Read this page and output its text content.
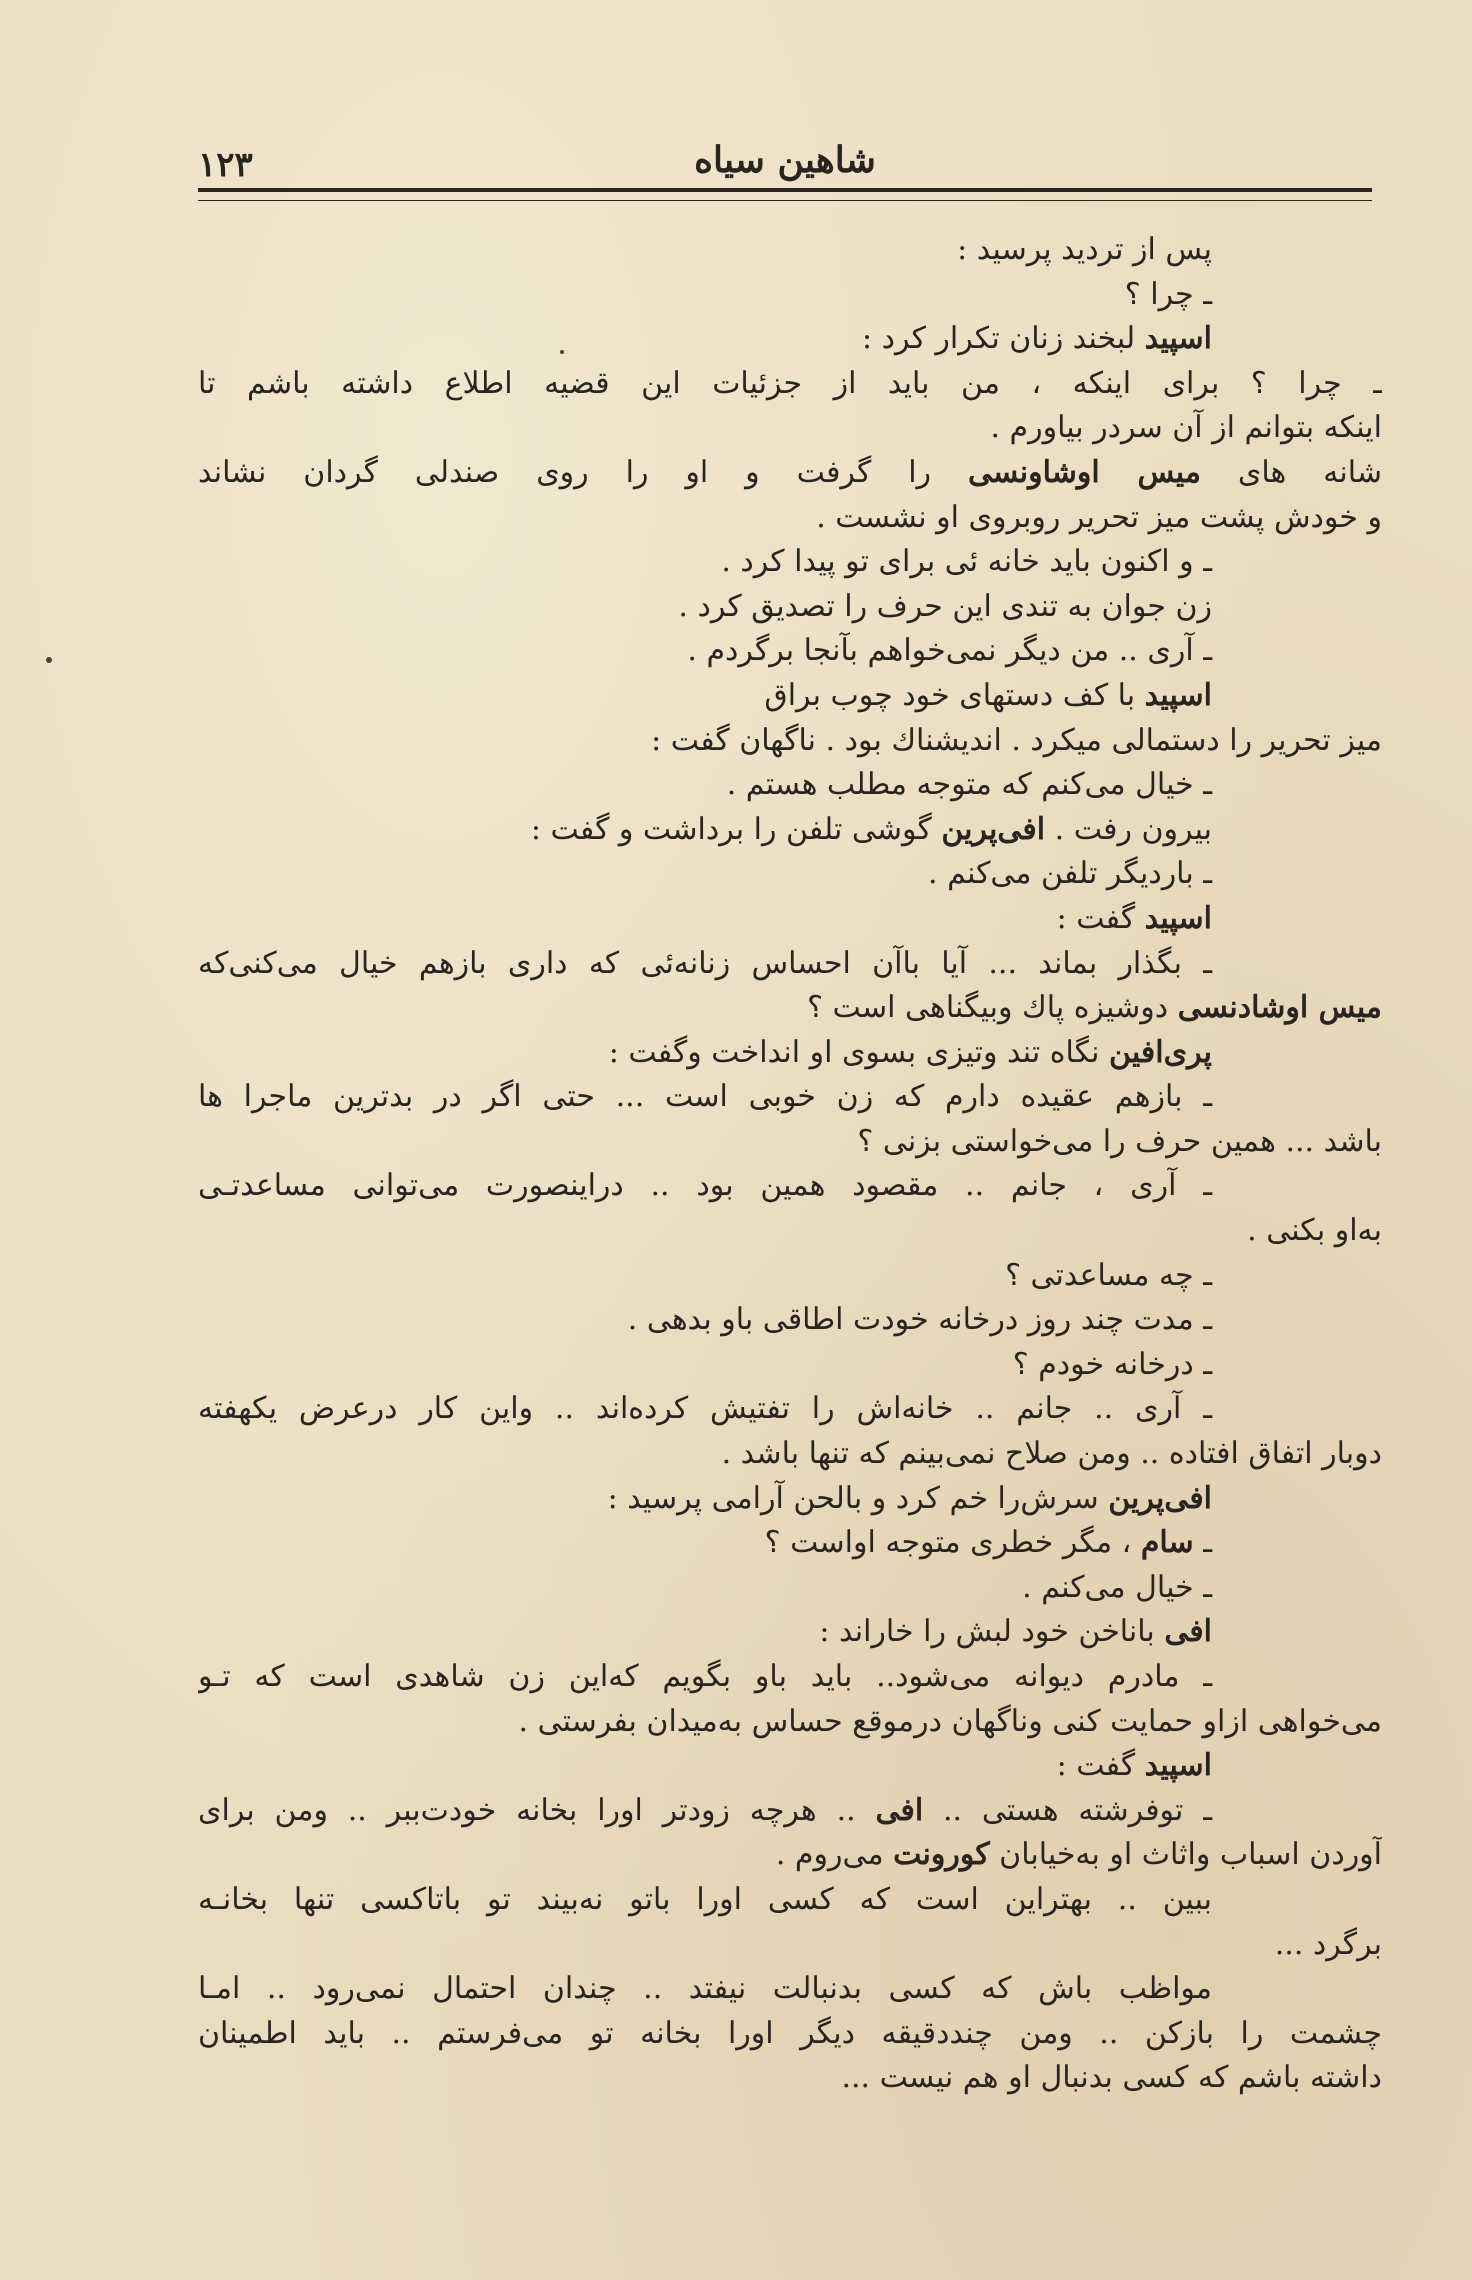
١٢٣	شاهین سیاه
پس از تردید پرسید :
ـ چرا ؟
اسپید لبخند زنان تکرار کرد :
ـ چرا ؟ برای اینکه ، من باید از جزئیات این قضیه اطلاع داشته باشم تا
اینکه بتوانم از آن سردر بیاورم .
شانه های میس اوشاونسی را گرفت و او را روی صندلی گردان نشاند
و خودش پشت میز تحریر روبروی او نشست .
ـ و اکنون باید خانه ئی برای تو پیدا کرد .
زن جوان به تندی این حرف را تصدیق کرد .
ـ آری .. من دیگر نمی‌خواهم بآنجا برگردم .
اسپید با کف دستهای خود چوب براق
میز تحریر را دستمالی میکرد . اندیشناك بود . ناگهان گفت :
ـ خیال می‌کنم که متوجه مطلب هستم .
بیرون رفت . افی‌پرین گوشی تلفن را برداشت و گفت :
ـ باردیگر تلفن می‌کنم .
اسپید گفت :
ـ بگذار بماند ... آیا باآن احساس زنانه‌ئی که داری بازهم خیال می‌کنی‌که
میس اوشادنسی دوشیزه پاك وبیگناهی است ؟
پری‌افین نگاه تند وتیزی بسوی او انداخت وگفت :
ـ بازهم عقیده دارم که زن خوبی است ... حتی اگر در بدترین ماجرا ها
باشد ... همین حرف را می‌خواستی بزنی ؟
ـ آری ، جانم .. مقصود همین بود .. دراینصورت می‌توانی مساعدتـی
به‌او بکنی .
ـ چه مساعدتی ؟
ـ مدت چند روز درخانه خودت اطاقی باو بدهی .
ـ درخانه خودم ؟
ـ آری .. جانم .. خانه‌اش را تفتیش کرده‌اند .. واین کار درعرض یکهفته
دوبار اتفاق افتاده .. ومن صلاح نمی‌بینم که تنها باشد .
افی‌پرین سرش‌را خم کرد و بالحن آرامی پرسید :
ـ سام ، مگر خطری متوجه اواست ؟
ـ خیال می‌کنم .
افی باناخن خود لبش را خاراند :
ـ مادرم دیوانه می‌شود.. باید باو بگویم که‌این زن شاهدی است که تـو
می‌خواهی ازاو حمایت کنی وناگهان درموقع حساس به‌میدان بفرستی .
اسپید گفت :
ـ توفرشته هستی .. افی .. هرچه زودتر اورا بخانه خودت‌ببر .. ومن برای
آوردن اسباب واثاث او به‌خیابان کورونت می‌روم .
ببین .. بهتراین است که کسی اورا باتو نه‌بیند تو باتاکسی تنها بخانـه
برگرد ...
مواظب باش که کسی بدنبالت نیفتد .. چندان احتمال نمی‌رود .. امـا
چشمت را بازکن .. ومن چنددقیقه دیگر اورا بخانه تو می‌فرستم .. باید اطمینان
داشته باشم که کسی بدنبال او هم نیست ...
